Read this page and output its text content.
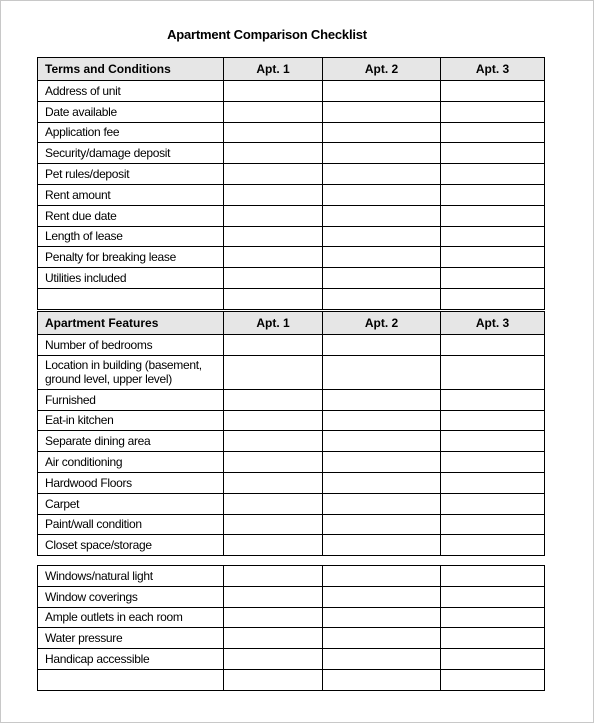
Apartment Comparison Checklist
Terms and Conditions	Apt. 1	Apt. 2	Apt. 3
Address of unit			
Date available			
Application fee			
Security/damage deposit			
Pet rules/deposit			
Rent amount			
Rent due date			
Length of lease			
Penalty for breaking lease			
Utilities included			

Apartment Features	Apt. 1	Apt. 2	Apt. 3
Number of bedrooms			
Location in building (basement, ground level, upper level)			
Furnished			
Eat-in kitchen			
Separate dining area			
Air conditioning			
Hardwood Floors			
Carpet			
Paint/wall condition			
Closet space/storage			
Windows/natural light			
Window coverings			
Ample outlets in each room			
Water pressure			
Handicap accessible			
